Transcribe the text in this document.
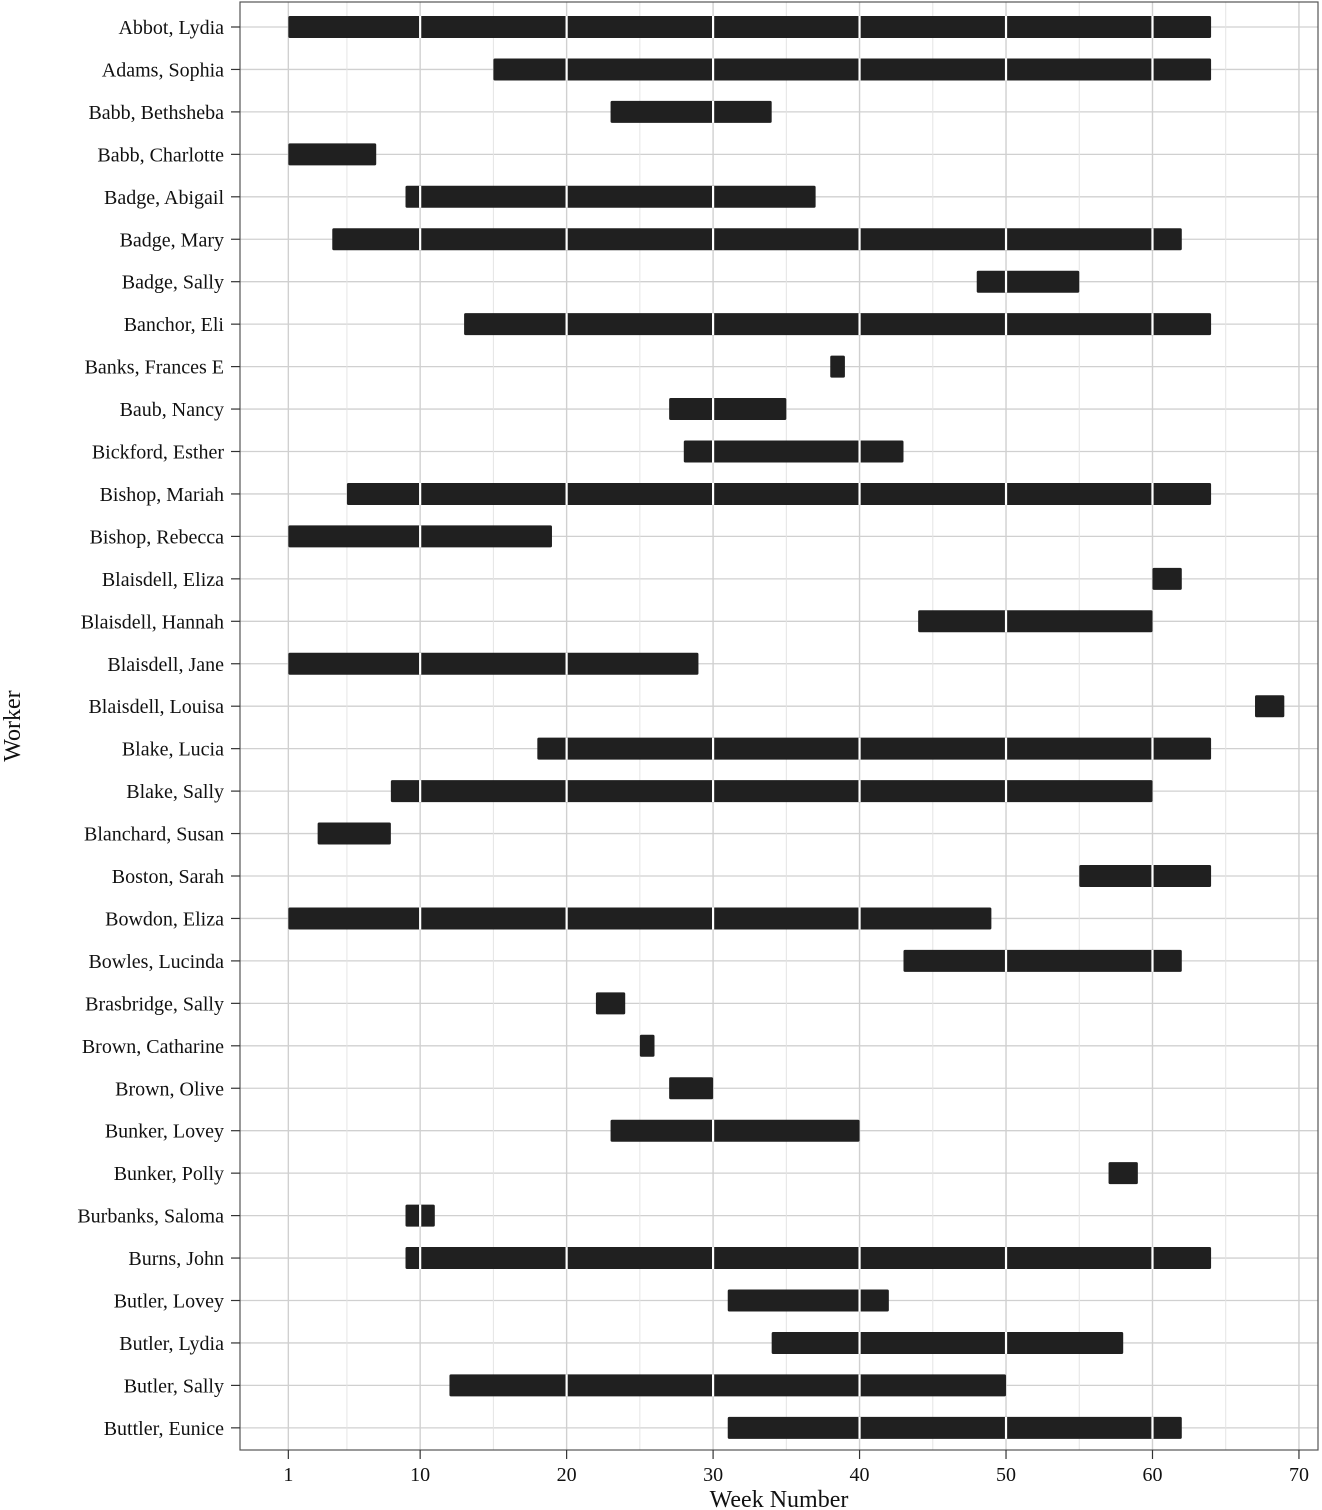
Abbot, Lydia
Adams, Sophia
Babb, Bethsheba
Babb, Charlotte
Badge, Abigail
Badge, Mary
Badge, Sally
Banchor, Eli
Banks, Frances E
Baub, Nancy
Bickford, Esther
Bishop, Mariah
Bishop, Rebecca
Blaisdell, Eliza
Blaisdell, Hannah
Blaisdell, Jane
Blaisdell, Louisa
Blake, Lucia
Blake, Sally
Blanchard, Susan
Boston, Sarah
Bowdon, Eliza
Bowles, Lucinda
Brasbridge, Sally
Brown, Catharine
Brown, Olive
Bunker, Lovey
Bunker, Polly
Burbanks, Saloma
Burns, John
Butler, Lovey
Butler, Lydia
Butler, Sally
Buttler, Eunice
1	10	20	30	40	50	60	70
Week Number
Worker
